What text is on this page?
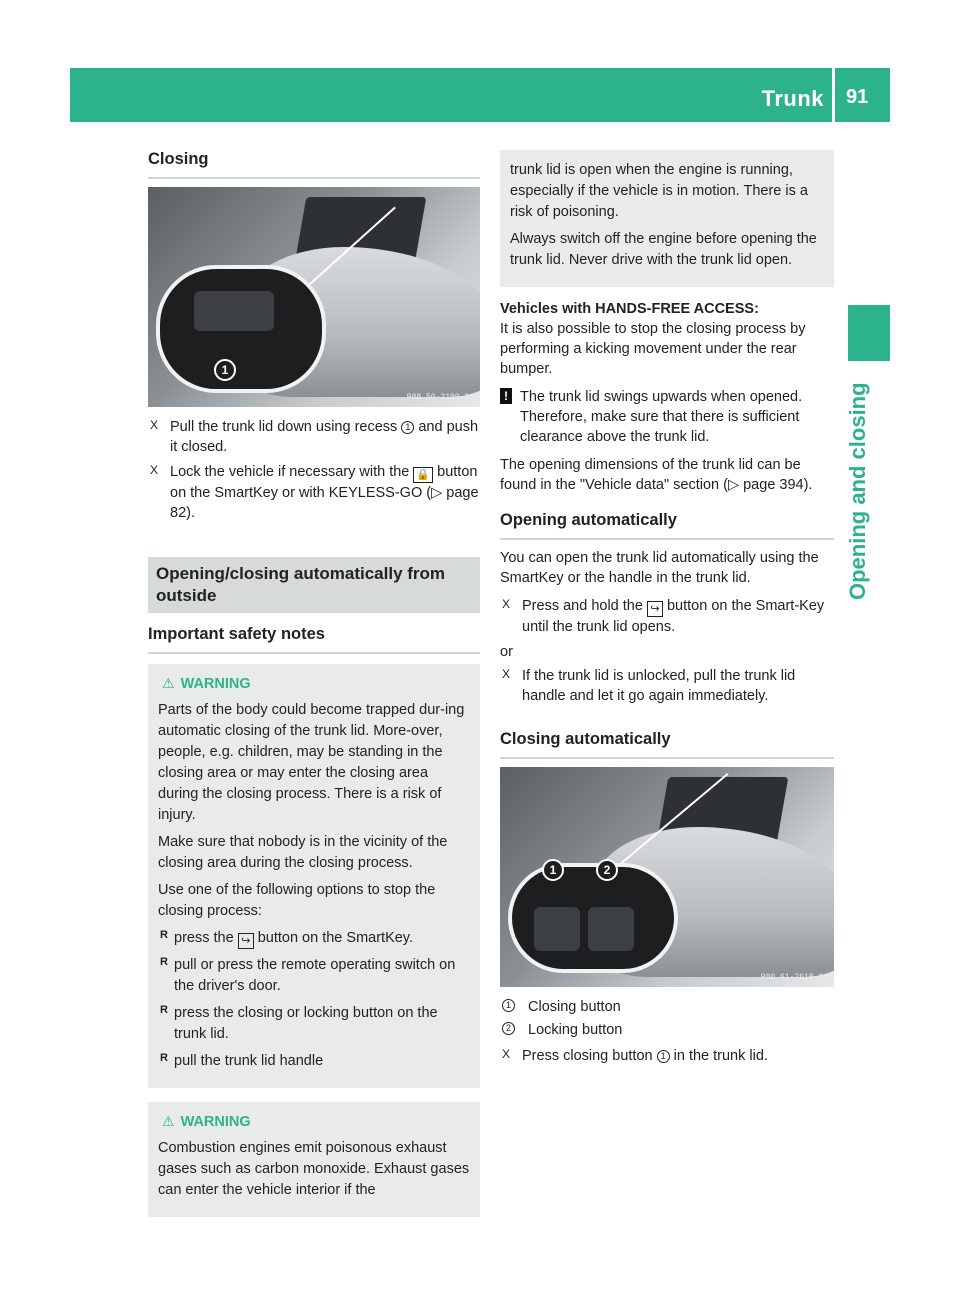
Trunk 91
Opening and closing
Closing
1
P88.50-3109-31
X Pull the trunk lid down using recess 1 and push it closed.
X Lock the vehicle if necessary with the 🔒 button on the SmartKey or with KEYLESS-GO (▷ page 82).
Opening/closing automatically from outside
Important safety notes
⚠ WARNING

Parts of the body could become trapped dur-ing automatic closing of the trunk lid. More-over, people, e.g. children, may be standing in the closing area or may enter the closing area during the closing process. There is a risk of injury.

Make sure that nobody is in the vicinity of the closing area during the closing process.

Use one of the following options to stop the closing process:

R press the ↪ button on the SmartKey.
R pull or press the remote operating switch on the driver's door.
R press the closing or locking button on the trunk lid.
R pull the trunk lid handle
⚠ WARNING

Combustion engines emit poisonous exhaust gases such as carbon monoxide. Exhaust gases can enter the vehicle interior if the

trunk lid is open when the engine is running, especially if the vehicle is in motion. There is a risk of poisoning.

Always switch off the engine before opening the trunk lid. Never drive with the trunk lid open.

Vehicles with HANDS-FREE ACCESS:
It is also possible to stop the closing process by performing a kicking movement under the rear bumper.
! The trunk lid swings upwards when opened. Therefore, make sure that there is sufficient clearance above the trunk lid.
The opening dimensions of the trunk lid can be found in the "Vehicle data" section (▷ page 394).
Opening automatically
You can open the trunk lid automatically using the SmartKey or the handle in the trunk lid.
X Press and hold the ↪ button on the Smart-Key until the trunk lid opens.
or
X If the trunk lid is unlocked, pull the trunk lid handle and let it go again immediately.
Closing automatically
1	2
P80.61-2618-31
1 Closing button
2 Locking button
X Press closing button 1 in the trunk lid.
